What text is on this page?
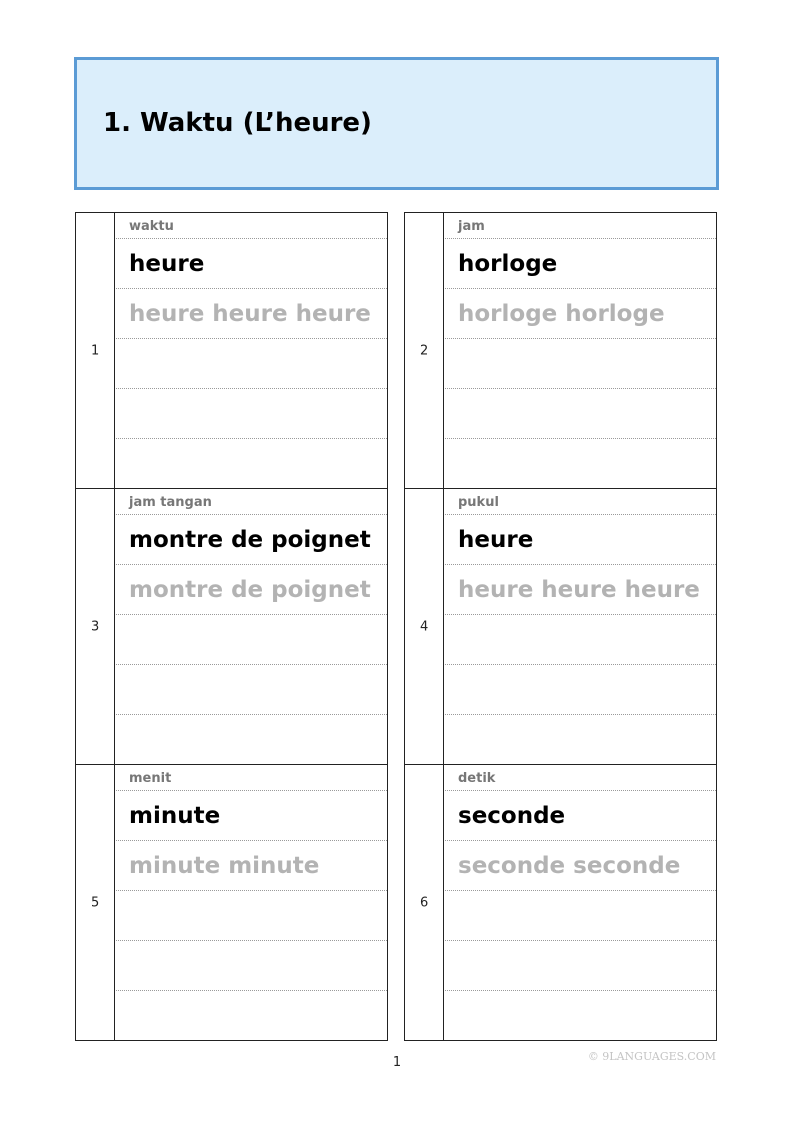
1. Waktu (L’heure)
1
waktu
heure
heure heure heure
2
jam
horloge
horloge horloge
3
jam tangan
montre de poignet
montre de poignet
4
pukul
heure
heure heure heure
5
menit
minute
minute minute
6
detik
seconde
seconde seconde
1	© 9LANGUAGES.COM
